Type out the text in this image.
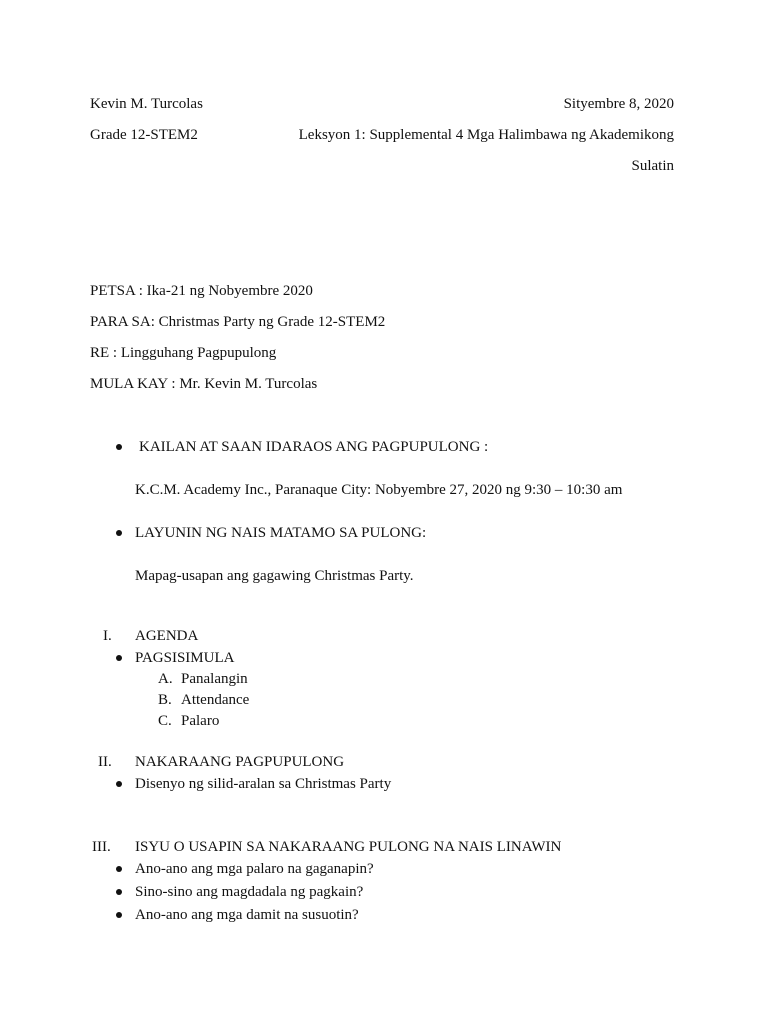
Kevin M. Turcolas	Sityembre 8, 2020
Grade 12-STEM2	Leksyon 1: Supplemental 4 Mga Halimbawa ng Akademikong
Sulatin
PETSA : Ika-21 ng Nobyembre 2020
PARA SA: Christmas Party ng Grade 12-STEM2
RE : Lingguhang Pagpupulong
MULA KAY : Mr. Kevin M. Turcolas
KAILAN AT SAAN IDARAOS ANG PAGPUPULONG :
K.C.M. Academy Inc., Paranaque City: Nobyembre 27, 2020 ng 9:30 – 10:30 am
LAYUNIN NG NAIS MATAMO SA PULONG:
Mapag-usapan ang gagawing Christmas Party.
I. AGENDA
PAGSISIMULA
A. Panalangin
B. Attendance
C. Palaro
II. NAKARAANG PAGPUPULONG
Disenyo ng silid-aralan sa Christmas Party
III. ISYU O USAPIN SA NAKARAANG PULONG NA NAIS LINAWIN
Ano-ano ang mga palaro na gaganapin?
Sino-sino ang magdadala ng pagkain?
Ano-ano ang mga damit na susuotin?
